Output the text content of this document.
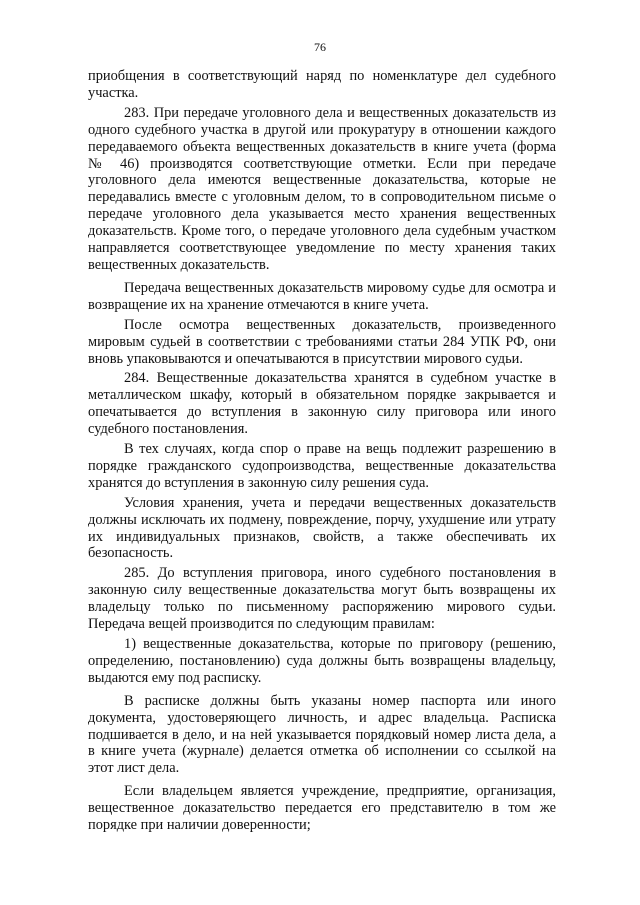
76

приобщения в соответствующий наряд по номенклатуре дел судебного участка.

283. При передаче уголовного дела и вещественных доказательств из одного судебного участка в другой или прокуратуру в отношении каждого передаваемого объекта вещественных доказательств в книге учета (форма № 46) производятся соответствующие отметки. Если при передаче уголовного дела имеются вещественные доказательства, которые не передавались вместе с уголовным делом, то в сопроводительном письме о передаче уголовного дела указывается место хранения вещественных доказательств. Кроме того, о передаче уголовного дела судебным участком направляется соответствующее уведомление по месту хранения таких вещественных доказательств.

Передача вещественных доказательств мировому судье для осмотра и возвращение их на хранение отмечаются в книге учета.

После осмотра вещественных доказательств, произведенного мировым судьей в соответствии с требованиями статьи 284 УПК РФ, они вновь упаковываются и опечатываются в присутствии мирового судьи.

284. Вещественные доказательства хранятся в судебном участке в металлическом шкафу, который в обязательном порядке закрывается и опечатывается до вступления в законную силу приговора или иного судебного постановления.

В тех случаях, когда спор о праве на вещь подлежит разрешению в порядке гражданского судопроизводства, вещественные доказательства хранятся до вступления в законную силу решения суда.

Условия хранения, учета и передачи вещественных доказательств должны исключать их подмену, повреждение, порчу, ухудшение или утрату их индивидуальных признаков, свойств, а также обеспечивать их безопасность.

285. До вступления приговора, иного судебного постановления в законную силу вещественные доказательства могут быть возвращены их владельцу только по письменному распоряжению мирового судьи. Передача вещей производится по следующим правилам:

1) вещественные доказательства, которые по приговору (решению, определению, постановлению) суда должны быть возвращены владельцу, выдаются ему под расписку.

В расписке должны быть указаны номер паспорта или иного документа, удостоверяющего личность, и адрес владельца. Расписка подшивается в дело, и на ней указывается порядковый номер листа дела, а в книге учета (журнале) делается отметка об исполнении со ссылкой на этот лист дела.

Если владельцем является учреждение, предприятие, организация, вещественное доказательство передается его представителю в том же порядке при наличии доверенности;
